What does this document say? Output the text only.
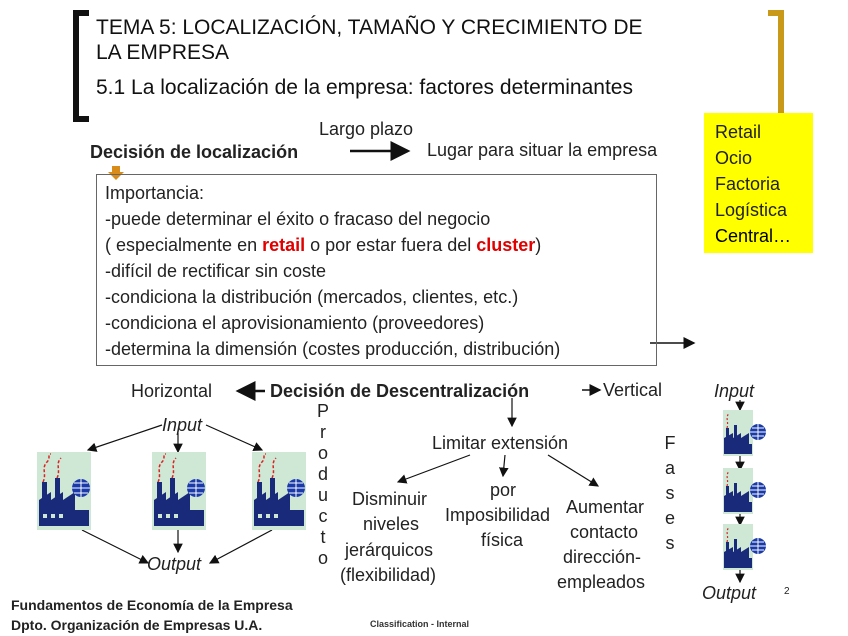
TEMA 5: LOCALIZACIÓN, TAMAÑO Y CRECIMIENTO DE
LA EMPRESA
5.1 La localización de la empresa: factores determinantes
Largo plazo
Decisión de localización	Lugar para situar la empresa
Importancia:
-puede determinar el éxito o fracaso del negocio
( especialmente en retail o por estar fuera del cluster)
-difícil de rectificar sin coste
-condiciona la distribución (mercados, clientes, etc.)
-condiciona el aprovisionamiento (proveedores)
-determina la dimensión (costes producción, distribución)
Retail
Ocio
Factoria
Logística
Central…
Horizontal	Decisión de Descentralización	Vertical
Limitar extensión
Disminuir
niveles
jerárquicos
(flexibilidad)
por
Imposibilidad
física
Aumentar
contacto
dirección-
empleados
P
r
o
d
u
c
t
o
F
a
s
e
s
Input
Output
Input
Output
Fundamentos de Economía de la Empresa
Dpto. Organización de Empresas U.A.	Classification - Internal
2
